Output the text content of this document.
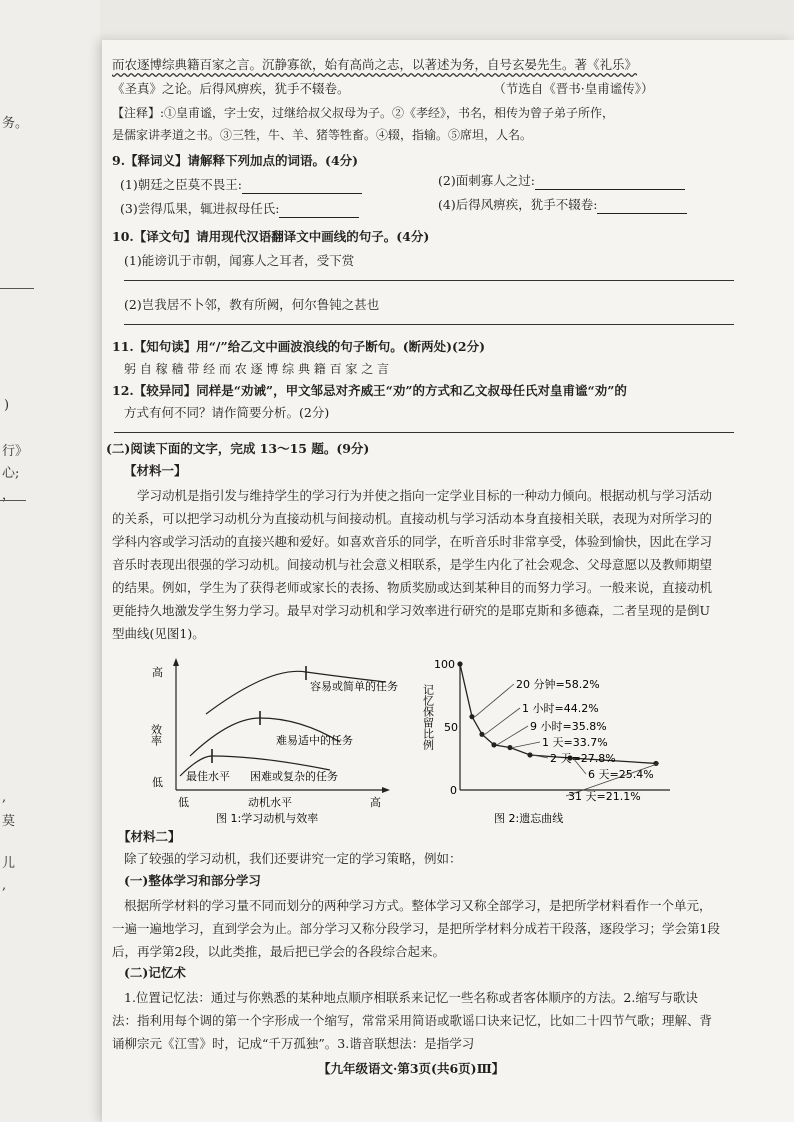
务。
)
行》
心;
，
,
莫
儿
,
而农逐博综典籍百家之言。沉静寡欲，始有高尚之志，以著述为务，自号玄晏先生。著《礼乐》
《圣真》之论。后得风痹疾，犹手不辍卷。	（节选自《晋书·皇甫谧传》）
【注释】:①皇甫谧，字士安，过继给叔父叔母为子。②《孝经》，书名，相传为曾子弟子所作，
是儒家讲孝道之书。③三牲，牛、羊、猪等牲畜。④辍，指输。⑤席坦，人名。
9.【释词义】请解释下列加点的词语。(4分)
(1)朝廷之臣莫不畏王:	(2)面刺寡人之过:
(3)尝得瓜果，辄进叔母任氏:	(4)后得风痹疾，犹手不辍卷:
10.【译文句】请用现代汉语翻译文中画线的句子。(4分)
(1)能谤讥于市朝，闻寡人之耳者，受下赏
(2)岂我居不卜邻，教有所阙，何尔鲁钝之甚也
11.【知句读】用“/”给乙文中画波浪线的句子断句。(断两处)(2分)
躬 自 稼 穑 带 经 而 农 逐 博 综 典 籍 百 家 之 言
12.【较异同】同样是“劝诫”，甲文邹忌对齐威王“劝”的方式和乙文叔母任氏对皇甫谧“劝”的
方式有何不同？请作简要分析。(2分)
(二)阅读下面的文字，完成 13～15 题。(9分)
【材料一】
学习动机是指引发与维持学生的学习行为并使之指向一定学业目标的一种动力倾向。根据动机与学习活动的关系，可以把学习动机分为直接动机与间接动机。直接动机与学习活动本身直接相关联，表现为对所学习的学科内容或学习活动的直接兴趣和爱好。如喜欢音乐的同学，在听音乐时非常享受，体验到愉快，因此在学习音乐时表现出很强的学习动机。间接动机与社会意义相联系，是学生内化了社会观念、父母意愿以及教师期望的结果。例如，学生为了获得老师或家长的表扬、物质奖励或达到某种目的而努力学习。一般来说，直接动机更能持久地激发学生努力学习。最早对学习动机和学习效率进行研究的是耶克斯和多德森，二者呈现的是倒U型曲线(见图1)。
高
低
效率
低	高
动机水平
容易或简单的任务
难易适中的任务
困难或复杂的任务
最佳水平
图 1:学习动机与效率
100
50
0
记忆保留比例
图 2:遗忘曲线
20 分钟=58.2%
1 小时=44.2%
9 小时=35.8%
1 天=33.7%
2 天=27.8%
6 天=25.4%
31 天=21.1%
【材料二】
除了较强的学习动机，我们还要讲究一定的学习策略，例如：
(一)整体学习和部分学习
根据所学材料的学习量不同而划分的两种学习方式。整体学习又称全部学习，是把所学材料看作一个单元，一遍一遍地学习，直到学会为止。部分学习又称分段学习，是把所学材料分成若干段落，逐段学习；学会第1段后，再学第2段，以此类推，最后把已学会的各段综合起来。
(二)记忆术
1.位置记忆法：通过与你熟悉的某种地点顺序相联系来记忆一些名称或者客体顺序的方法。2.缩写与歌诀法：指利用每个调的第一个字形成一个缩写，常常采用简语或歌谣口诀来记忆，比如二十四节气歌；理解、背诵柳宗元《江雪》时，记成“千万孤独”。3.谐音联想法：是指学习
【九年级语文·第3页(共6页)Ⅲ】
